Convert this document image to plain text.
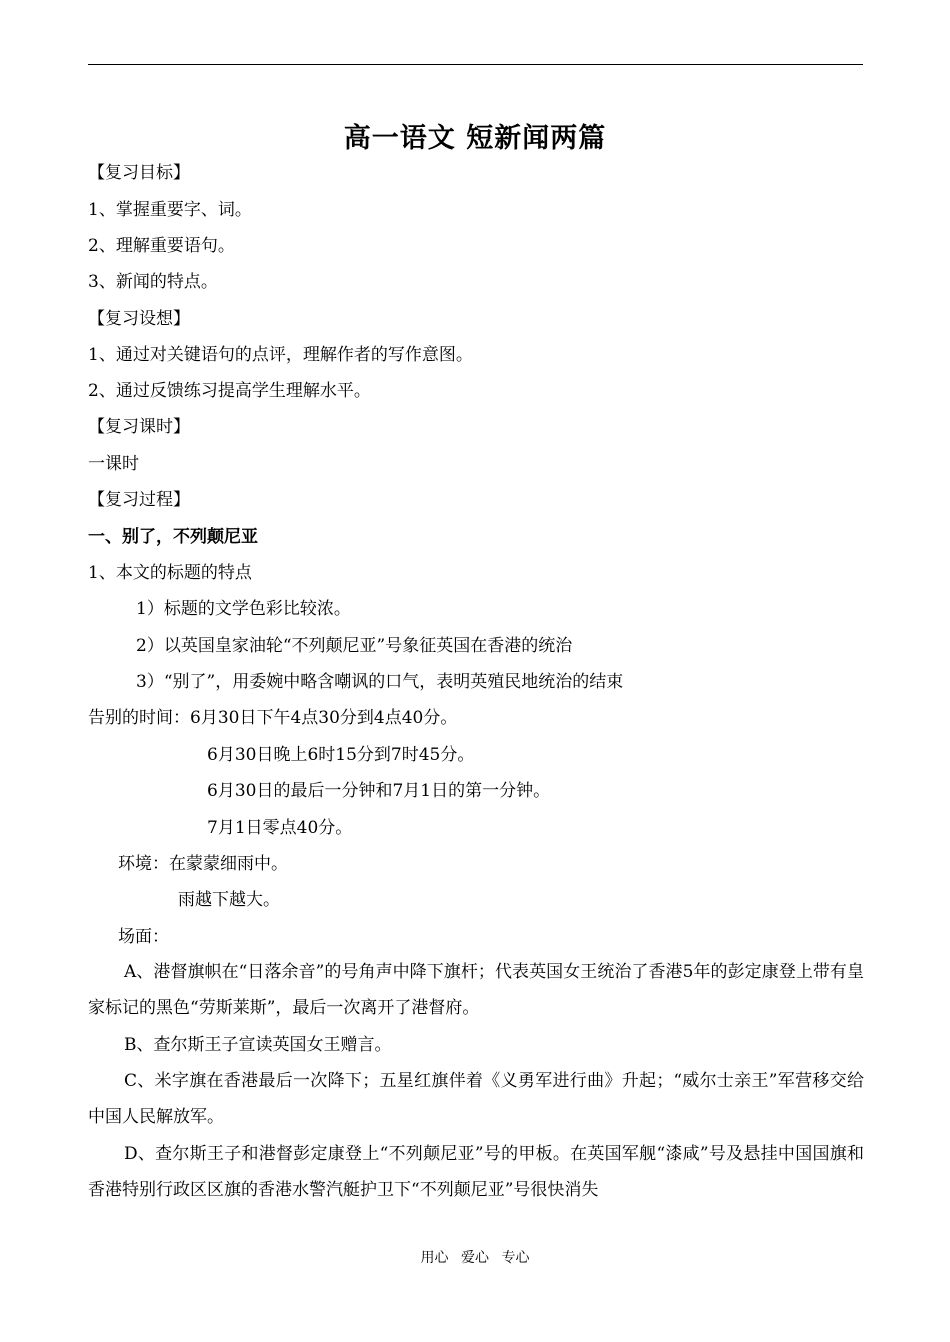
高一语文 短新闻两篇
【复习目标】
1、掌握重要字、词。
2、理解重要语句。
3、新闻的特点。
【复习设想】
1、通过对关键语句的点评，理解作者的写作意图。
2、通过反馈练习提高学生理解水平。
【复习课时】
一课时
【复习过程】
一、别了，不列颠尼亚
1、本文的标题的特点
1）标题的文学色彩比较浓。
2）以英国皇家油轮“不列颠尼亚”号象征英国在香港的统治
3）“别了”，用委婉中略含嘲讽的口气，表明英殖民地统治的结束
告别的时间：6月30日下午4点30分到4点40分。
6月30日晚上6时15分到7时45分。
6月30日的最后一分钟和7月1日的第一分钟。
7月1日零点40分。
环境：在蒙蒙细雨中。
雨越下越大。
场面：
A、港督旗帜在“日落余音”的号角声中降下旗杆；代表英国女王统治了香港5年的彭定康登上带有皇家标记的黑色“劳斯莱斯”，最后一次离开了港督府。
B、查尔斯王子宣读英国女王赠言。
C、米字旗在香港最后一次降下；五星红旗伴着《义勇军进行曲》升起；“威尔士亲王”军营移交给中国人民解放军。
D、查尔斯王子和港督彭定康登上“不列颠尼亚”号的甲板。在英国军舰“漆咸”号及悬挂中国国旗和香港特别行政区区旗的香港水警汽艇护卫下“不列颠尼亚”号很快消失
用心 爱心 专心
